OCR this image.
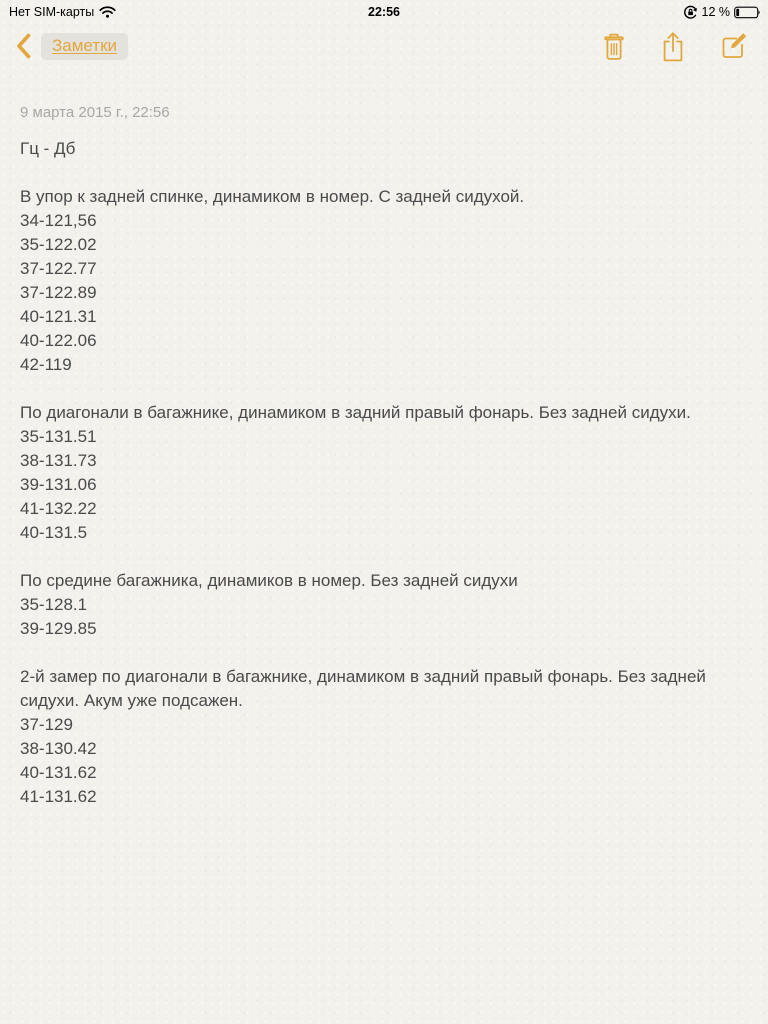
Нет SIM-карты	22:56	12 %
Заметки
9 марта 2015 г., 22:56
Гц - Дб
В упор к задней спинке, динамиком в номер. С задней сидухой.
34-121,56
35-122.02
37-122.77
37-122.89
40-121.31
40-122.06
42-119
По диагонали в багажнике, динамиком в задний правый фонарь. Без задней сидухи.
35-131.51
38-131.73
39-131.06
41-132.22
40-131.5
По средине багажника, динамиков в номер. Без задней сидухи
35-128.1
39-129.85
2-й замер по диагонали в багажнике, динамиком в задний правый фонарь. Без задней сидухи. Акум уже подсажен.
37-129
38-130.42
40-131.62
41-131.62
